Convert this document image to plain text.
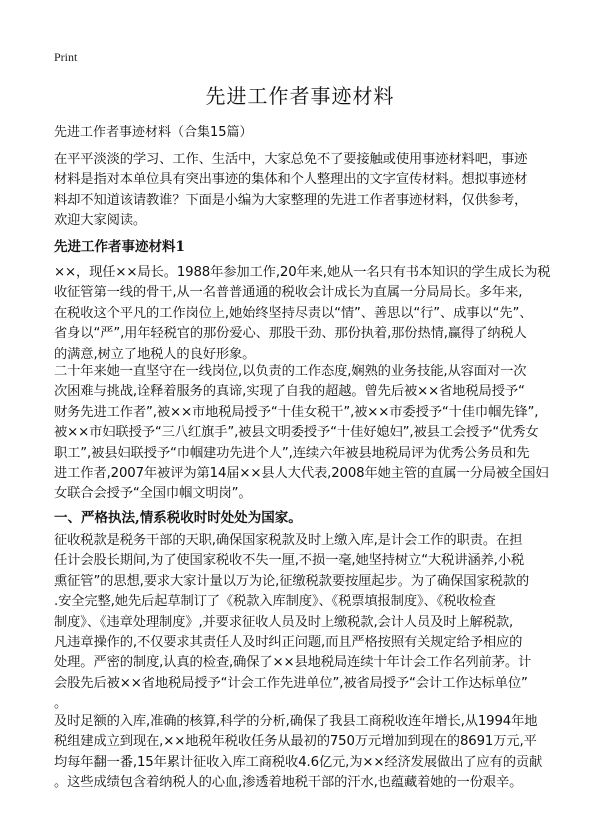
Print
先进工作者事迹材料
先进工作者事迹材料（合集15篇）
在平平淡淡的学习、工作、生活中，大家总免不了要接触或使用事迹材料吧，事迹
材料是指对本单位具有突出事迹的集体和个人整理出的文字宣传材料。想拟事迹材
料却不知道该请教谁？下面是小编为大家整理的先进工作者事迹材料，仅供参考，
欢迎大家阅读。
先进工作者事迹材料1
××，现任××局长。1988年参加工作,20年来,她从一名只有书本知识的学生成长为税
收征管第一线的骨干,从一名普普通通的税收会计成长为直属一分局局长。多年来,
在税收这个平凡的工作岗位上,她始终坚持尽责以“情”、善思以“行”、成事以“先”、
省身以“严”,用年轻税官的那份爱心、那股干劲、那份执着,那份热情,赢得了纳税人
的满意,树立了地税人的良好形象。
二十年来她一直坚守在一线岗位,以负责的工作态度,娴熟的业务技能,从容面对一次
次困难与挑战,诠释着服务的真谛,实现了自我的超越。曾先后被××省地税局授予“
财务先进工作者”,被××市地税局授予“十佳女税干”,被××市委授予“十佳巾帼先锋”,
被××市妇联授予“三八红旗手”,被县文明委授予“十佳好媳妇”,被县工会授予“优秀女
职工”,被县妇联授予“巾帼建功先进个人”,连续六年被县地税局评为优秀公务员和先
进工作者,2007年被评为第14届××县人大代表,2008年她主管的直属一分局被全国妇
女联合会授予“全国巾帼文明岗”。
一、严格执法,情系税收时时处处为国家。
征收税款是税务干部的天职,确保国家税款及时上缴入库,是计会工作的职责。在担
任计会股长期间,为了使国家税收不失一厘,不损一毫,她坚持树立“大税讲涵养,小税
熏征管”的思想,要求大家计量以万为论,征缴税款要按厘起步。为了确保国家税款的
.安全完整,她先后起草制订了《税款入库制度》、《税票填报制度》、《税收检查
制度》、《违章处理制度》,并要求征收人员及时上缴税款,会计人员及时上解税款,
凡违章操作的,不仅要求其责任人及时纠正问题,而且严格按照有关规定给予相应的
处理。严密的制度,认真的检查,确保了××县地税局连续十年计会工作名列前茅。计
会股先后被××省地税局授予“计会工作先进单位”,被省局授予“会计工作达标单位”
。
及时足额的入库,准确的核算,科学的分析,确保了我县工商税收连年增长,从1994年地
税组建成立到现在,××地税年税收任务从最初的750万元增加到现在的8691万元,平
均每年翻一番,15年累计征收入库工商税收4.6亿元,为××经济发展做出了应有的贡献
。这些成绩包含着纳税人的心血,渗透着地税干部的汗水,也蕴藏着她的一份艰辛。
